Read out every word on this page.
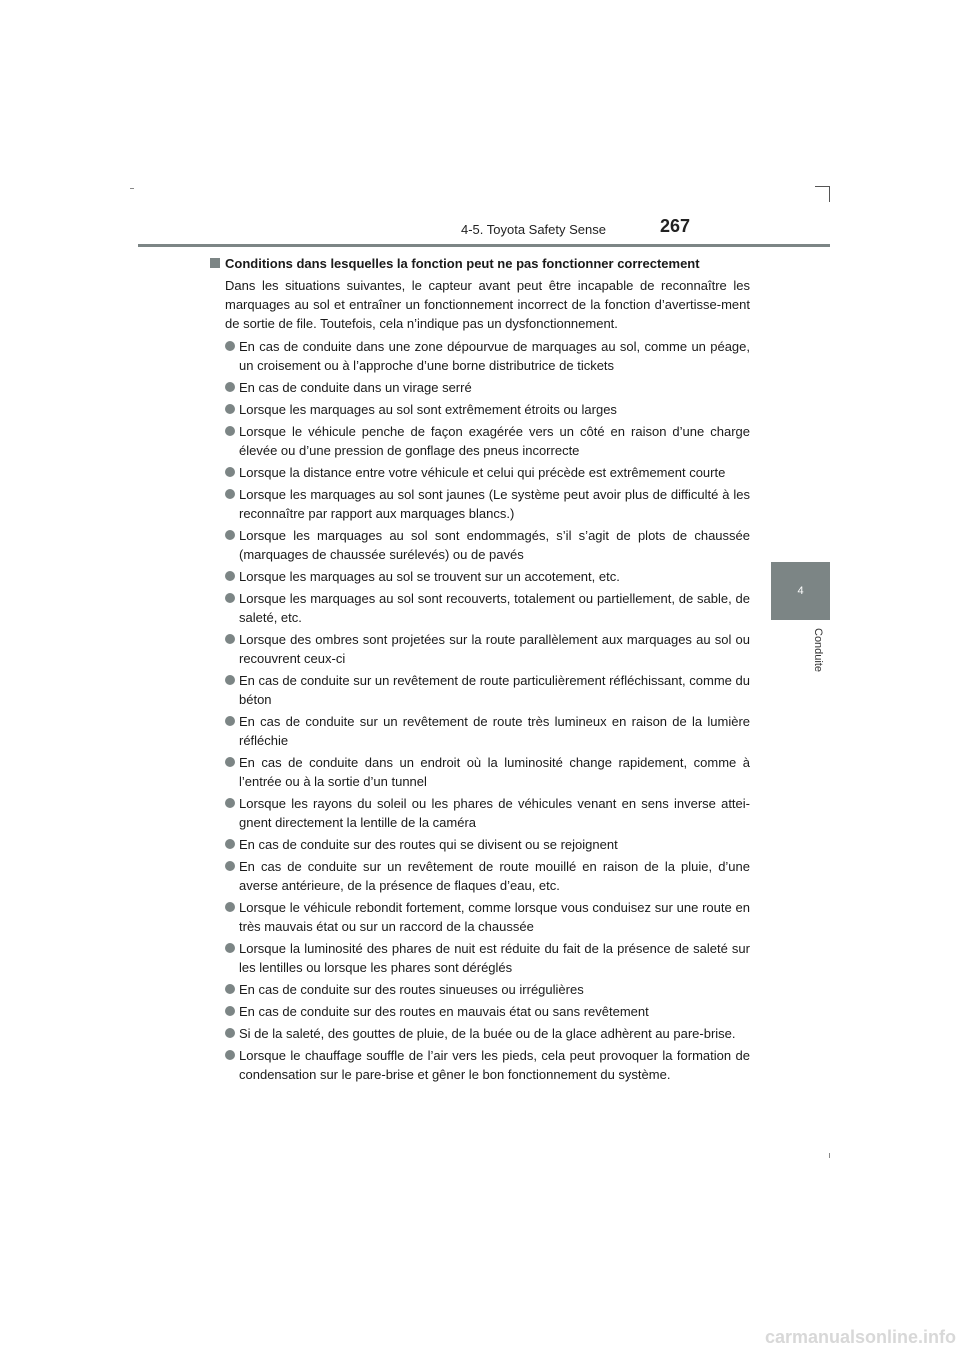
4-5. Toyota Safety Sense	267
4
Conduite
Conditions dans lesquelles la fonction peut ne pas fonctionner correctement
Dans les situations suivantes, le capteur avant peut être incapable de reconnaître les marquages au sol et entraîner un fonctionnement incorrect de la fonction d’avertisse-ment de sortie de file. Toutefois, cela n’indique pas un dysfonctionnement.
En cas de conduite dans une zone dépourvue de marquages au sol, comme un péage, un croisement ou à l’approche d’une borne distributrice de tickets
En cas de conduite dans un virage serré
Lorsque les marquages au sol sont extrêmement étroits ou larges
Lorsque le véhicule penche de façon exagérée vers un côté en raison d’une charge élevée ou d’une pression de gonflage des pneus incorrecte
Lorsque la distance entre votre véhicule et celui qui précède est extrêmement courte
Lorsque les marquages au sol sont jaunes (Le système peut avoir plus de difficulté à les reconnaître par rapport aux marquages blancs.)
Lorsque les marquages au sol sont endommagés, s’il s’agit de plots de chaussée (marquages de chaussée surélevés) ou de pavés
Lorsque les marquages au sol se trouvent sur un accotement, etc.
Lorsque les marquages au sol sont recouverts, totalement ou partiellement, de sable, de saleté, etc.
Lorsque des ombres sont projetées sur la route parallèlement aux marquages au sol ou recouvrent ceux-ci
En cas de conduite sur un revêtement de route particulièrement réfléchissant, comme du béton
En cas de conduite sur un revêtement de route très lumineux en raison de la lumière réfléchie
En cas de conduite dans un endroit où la luminosité change rapidement, comme à l’entrée ou à la sortie d’un tunnel
Lorsque les rayons du soleil ou les phares de véhicules venant en sens inverse attei-gnent directement la lentille de la caméra
En cas de conduite sur des routes qui se divisent ou se rejoignent
En cas de conduite sur un revêtement de route mouillé en raison de la pluie, d’une averse antérieure, de la présence de flaques d’eau, etc.
Lorsque le véhicule rebondit fortement, comme lorsque vous conduisez sur une route en très mauvais état ou sur un raccord de la chaussée
Lorsque la luminosité des phares de nuit est réduite du fait de la présence de saleté sur les lentilles ou lorsque les phares sont déréglés
En cas de conduite sur des routes sinueuses ou irrégulières
En cas de conduite sur des routes en mauvais état ou sans revêtement
Si de la saleté, des gouttes de pluie, de la buée ou de la glace adhèrent au pare-brise.
Lorsque le chauffage souffle de l’air vers les pieds, cela peut provoquer la formation de condensation sur le pare-brise et gêner le bon fonctionnement du système.
carmanualsonline.info
